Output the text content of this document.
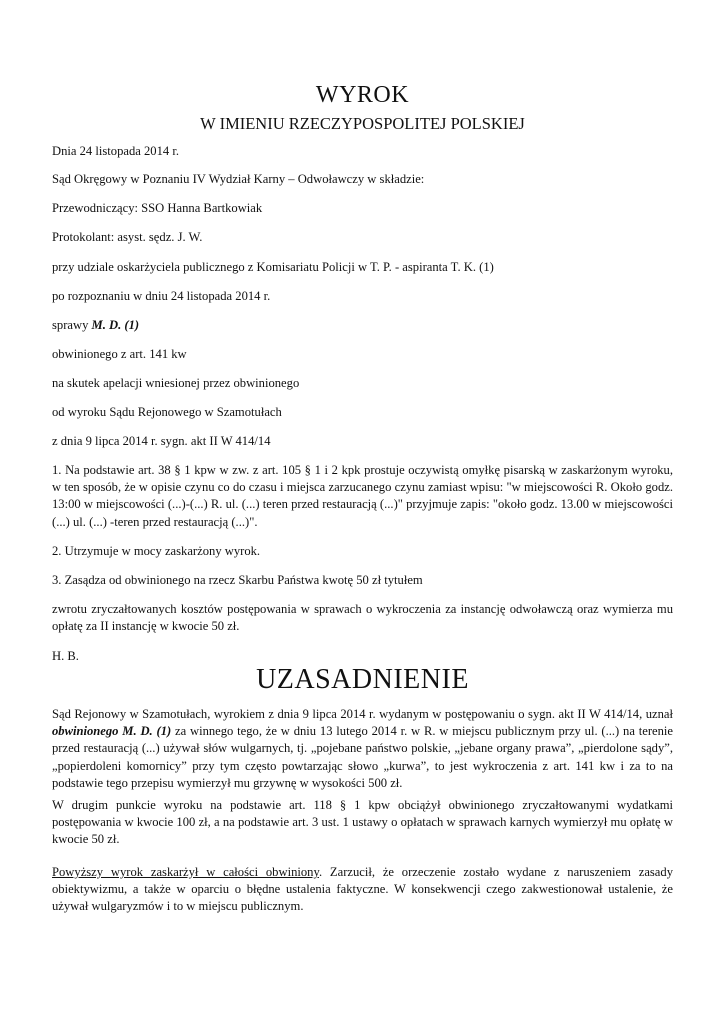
WYROK
W IMIENIU RZECZYPOSPOLITEJ POLSKIEJ
Dnia 24 listopada 2014 r.
Sąd Okręgowy w Poznaniu IV Wydział Karny – Odwoławczy w składzie:
Przewodniczący: SSO Hanna Bartkowiak
Protokolant: asyst. sędz. J. W.
przy udziale oskarżyciela publicznego z Komisariatu Policji w T. P. - aspiranta T. K. (1)
po rozpoznaniu w dniu 24 listopada 2014 r.
sprawy M. D. (1)
obwinionego z art. 141 kw
na skutek apelacji wniesionej przez obwinionego
od wyroku Sądu Rejonowego w Szamotułach
z dnia 9 lipca 2014 r. sygn. akt II W 414/14
1. Na podstawie art. 38 § 1 kpw w zw. z art. 105 § 1 i 2 kpk prostuje oczywistą omyłkę pisarską w zaskarżonym wyroku, w ten sposób, że w opisie czynu co do czasu i miejsca zarzucanego czynu zamiast wpisu: "w miejscowości R. Około godz. 13:00 w miejscowości (...)-(...) R. ul. (...) teren przed restauracją (...)" przyjmuje zapis: "około godz. 13.00 w miejscowości (...) ul. (...) -teren przed restauracją (...)".
2. Utrzymuje w mocy zaskarżony wyrok.
3. Zasądza od obwinionego na rzecz Skarbu Państwa kwotę 50 zł tytułem
zwrotu zryczałtowanych kosztów postępowania w sprawach o wykroczenia za instancję odwoławczą oraz wymierza mu opłatę za II instancję w kwocie 50 zł.
H. B.
UZASADNIENIE
Sąd Rejonowy w Szamotułach, wyrokiem z dnia 9 lipca 2014 r. wydanym w postępowaniu o sygn. akt II W 414/14, uznał obwinionego M. D. (1) za winnego tego, że w dniu 13 lutego 2014 r. w R. w miejscu publicznym przy ul. (...) na terenie przed restauracją (...) używał słów wulgarnych, tj. „pojebane państwo polskie, „jebane organy prawa”, „pierdolone sądy”, „popierdoleni komornicy” przy tym często powtarzając słowo „kurwa”, to jest wykroczenia z art. 141 kw i za to na podstawie tego przepisu wymierzył mu grzywnę w wysokości 500 zł.
W drugim punkcie wyroku na podstawie art. 118 § 1 kpw obciążył obwinionego zryczałtowanymi wydatkami postępowania w kwocie 100 zł, a na podstawie art. 3 ust. 1 ustawy o opłatach w sprawach karnych wymierzył mu opłatę w kwocie 50 zł.
Powyższy wyrok zaskarżył w całości obwiniony. Zarzucił, że orzeczenie zostało wydane z naruszeniem zasady obiektywizmu, a także w oparciu o błędne ustalenia faktyczne. W konsekwencji czego zakwestionował ustalenie, że używał wulgaryzmów i to w miejscu publicznym.
